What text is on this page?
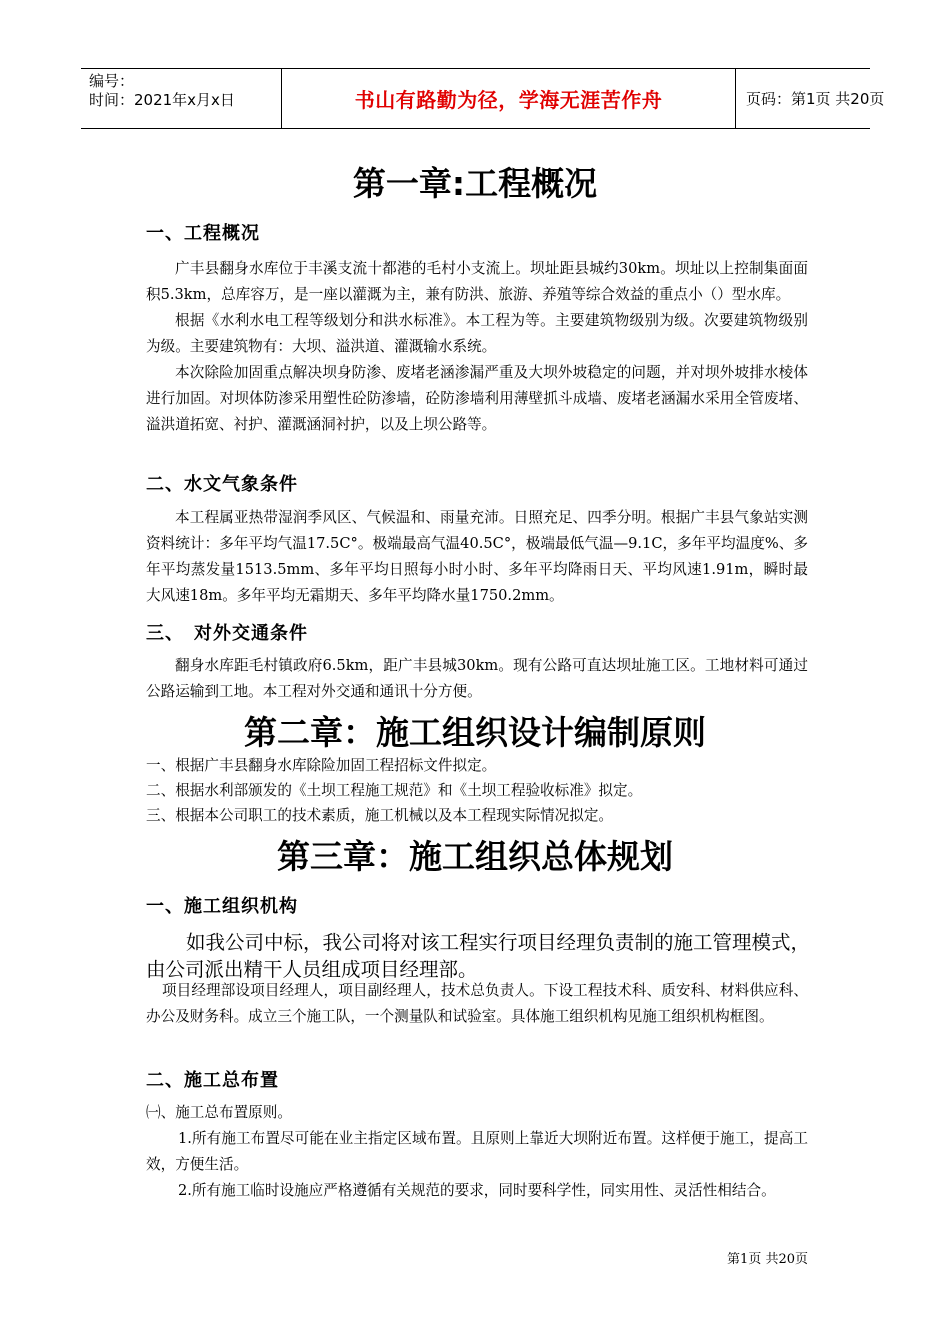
编号：
时间：2021年x月x日	书山有路勤为径，学海无涯苦作舟	页码：第1页 共20页
第一章:工程概况
一、工程概况

广丰县翻身水库位于丰溪支流十都港的毛村小支流上。坝址距县城约30km。坝址以上控制集面面积5.3km，总库容万，是一座以灌溉为主，兼有防洪、旅游、养殖等综合效益的重点小（）型水库。

根据《水利水电工程等级划分和洪水标准》。本工程为等。主要建筑物级别为级。次要建筑物级别为级。主要建筑物有：大坝、溢洪道、灌溉输水系统。

本次除险加固重点解决坝身防渗、废堵老涵渗漏严重及大坝外坡稳定的问题，并对坝外坡排水棱体进行加固。对坝体防渗采用塑性砼防渗墙，砼防渗墙利用薄壁抓斗成墙、废堵老涵漏水采用全管废堵、溢洪道拓宽、衬护、灌溉涵洞衬护，以及上坝公路等。

二、水文气象条件

本工程属亚热带湿润季风区、气候温和、雨量充沛。日照充足、四季分明。根据广丰县气象站实测资料统计：多年平均气温17.5C°。极端最高气温40.5C°，极端最低气温—9.1C，多年平均温度%、多年平均蒸发量1513.5mm、多年平均日照每小时小时、多年平均降雨日天、平均风速1.91m，瞬时最大风速18m。多年平均无霜期天、多年平均降水量1750.2mm。

三、　对外交通条件

翻身水库距毛村镇政府6.5km，距广丰县城30km。现有公路可直达坝址施工区。工地材料可通过公路运输到工地。本工程对外交通和通讯十分方便。

第二章：施工组织设计编制原则

一、根据广丰县翻身水库除险加固工程招标文件拟定。

二、根据水利部颁发的《土坝工程施工规范》和《土坝工程验收标准》拟定。

三、根据本公司职工的技术素质，施工机械以及本工程现实际情况拟定。

第三章：施工组织总体规划
一、施工组织机构
如我公司中标，我公司将对该工程实行项目经理负责制的施工管理模式，由公司派出精干人员组成项目经理部。

项目经理部设项目经理人，项目副经理人，技术总负责人。下设工程技术科、质安科、材料供应科、办公及财务科。成立三个施工队，一个测量队和试验室。具体施工组织机构见施工组织机构框图。

二、施工总布置

㈠、施工总布置原则。

1.所有施工布置尽可能在业主指定区域布置。且原则上靠近大坝附近布置。这样便于施工，提高工效，方便生活。

2.所有施工临时设施应严格遵循有关规范的要求，同时要科学性，同实用性、灵活性相结合。

第1页 共20页
